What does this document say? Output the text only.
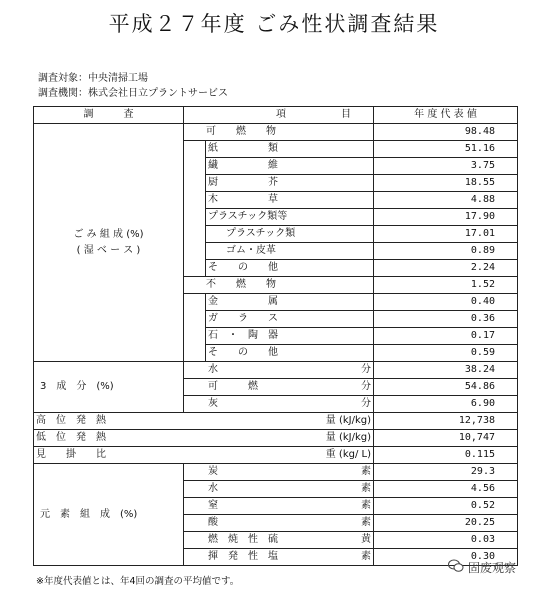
平成２７年度 ごみ性状調査結果
調査対象：中央清掃工場
調査機関：株式会社日立プラントサービス
調　　　査	項 目		年 度 代 表 値

ご み 組 成 (%)
( 湿 ベ ー ス )	可　　燃　　物		98.48
		紙　　　　　類	51.16
		繊　　　　　維	3.75
		厨　　　　　芥	18.55
		木　　　　　草	4.88
		プラスチック類等	17.90
		プラスチック類	17.01
		ゴム・皮革	0.89
		そ　　の　　他	2.24
	不　　燃　　物		1.52
		金　　　　　属	0.40
		ガ　　ラ　　ス	0.36
		石　・　陶　器	0.17
		そ　　の　　他	0.59
3　成　分　(%)	水 分		38.24

	可　　　燃 分		54.86

	灰 分		6.90

高　位　発　熱 量 (kJ/kg)			12,738

低　位　発　熱 量 (kJ/kg)			10,747

見　　掛　　比 重 (kg/ L)			0.115
元　素　組　成　(%)	炭 素		29.3

	水 素		4.56

	窒 素		0.52

	酸 素		20.25

	燃　焼　性　硫 黄		0.03

	揮　発　性　塩 素		0.30
※年度代表値とは、年4回の調査の平均値です。
固废观察
